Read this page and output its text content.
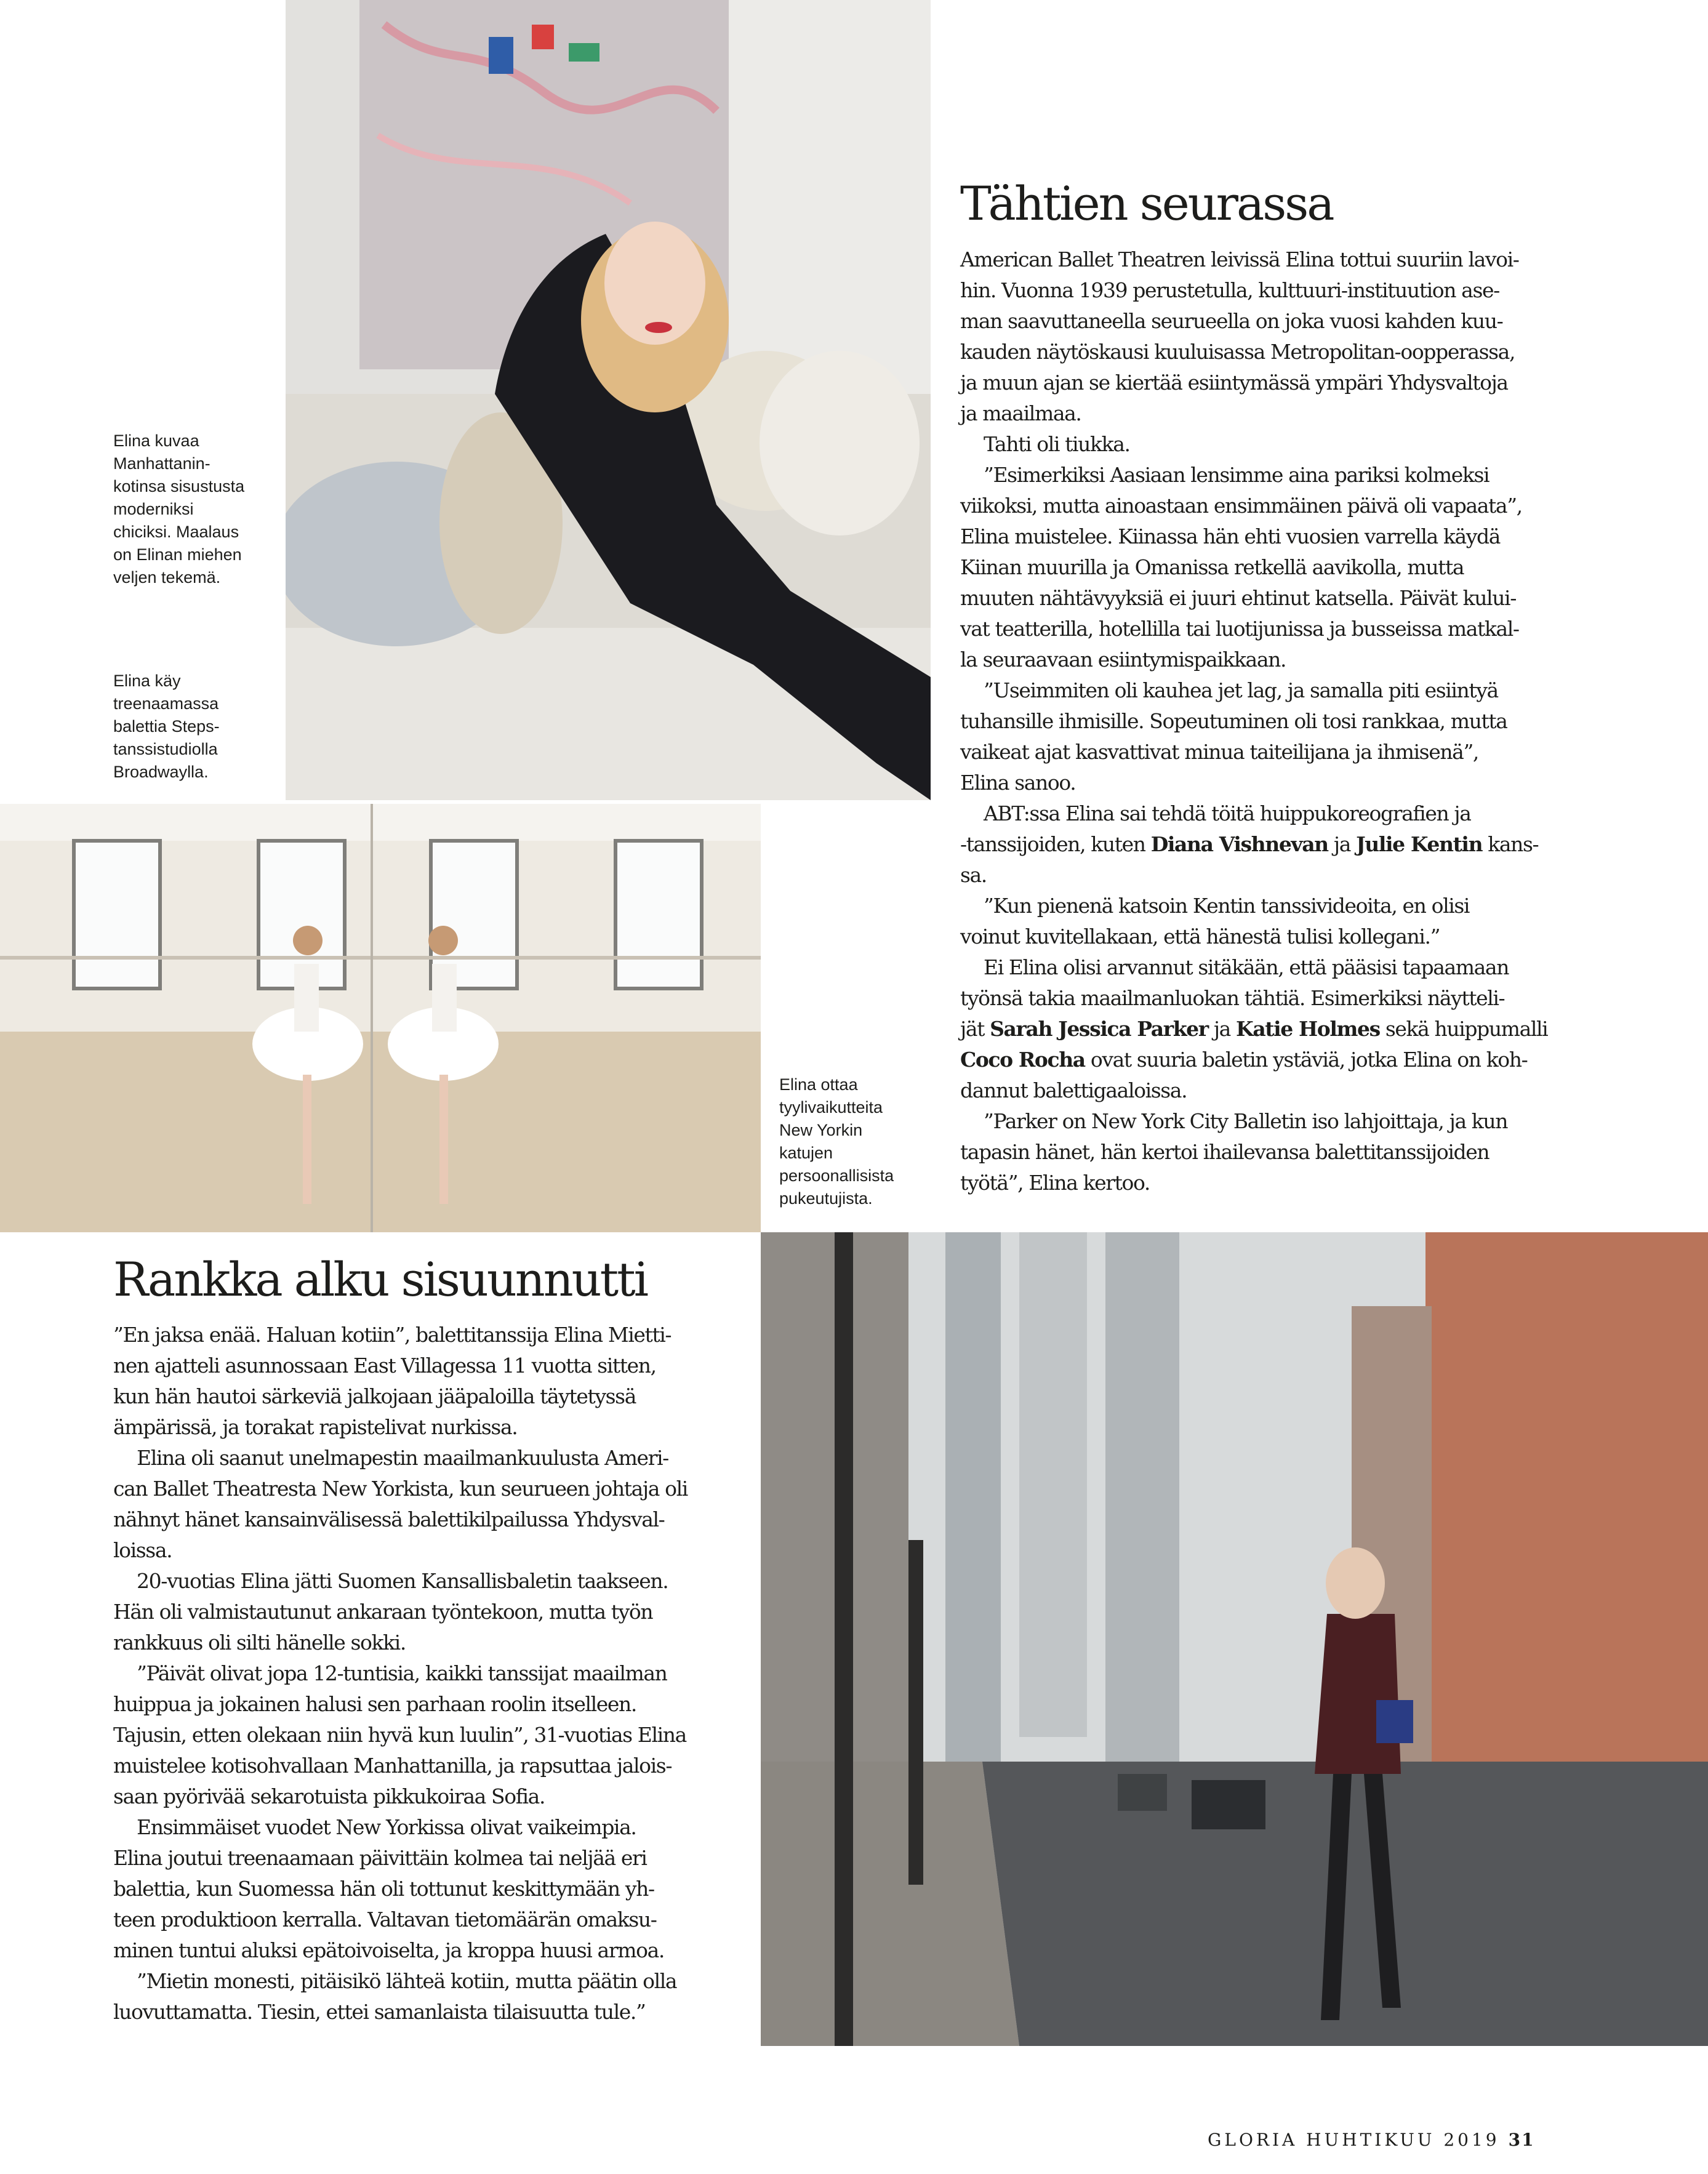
Elina kuvaa
Manhattanin-
kotinsa sisustusta
moderniksi
chiciksi. Maalaus
on Elinan miehen
veljen tekemä.

Elina käy
treenaamassa
balettia Steps-
tanssistudiolla
Broadwaylla.

Elina ottaa
tyylivaikutteita
New Yorkin
katujen
persoonallisista
pukeutujista.

Tähtien seurassa
American Ballet Theatren leivissä Elina tottui suuriin lavoi-
hin. Vuonna 1939 perustetulla, kulttuuri-instituution ase-
man saavuttaneella seurueella on joka vuosi kahden kuu-
kauden näytöskausi kuuluisassa Metropolitan-oopperassa,
ja muun ajan se kiertää esiintymässä ympäri Yhdysvaltoja
ja maailmaa.
Tahti oli tiukka.
”Esimerkiksi Aasiaan lensimme aina pariksi kolmeksi
viikoksi, mutta ainoastaan ensimmäinen päivä oli vapaata”,
Elina muistelee. Kiinassa hän ehti vuosien varrella käydä
Kiinan muurilla ja Omanissa retkellä aavikolla, mutta
muuten nähtävyyksiä ei juuri ehtinut katsella. Päivät kului-
vat teatterilla, hotellilla tai luotijunissa ja busseissa matkal-
la seuraavaan esiintymispaikkaan.
”Useimmiten oli kauhea jet lag, ja samalla piti esiintyä
tuhansille ihmisille. Sopeutuminen oli tosi rankkaa, mutta
vaikeat ajat kasvattivat minua taiteilijana ja ihmisenä”,
Elina sanoo.
ABT:ssa Elina sai tehdä töitä huippukoreografien ja
-tanssijoiden, kuten Diana Vishnevan ja Julie Kentin kans-
sa.
”Kun pienenä katsoin Kentin tanssivideoita, en olisi
voinut kuvitellakaan, että hänestä tulisi kollegani.”
Ei Elina olisi arvannut sitäkään, että pääsisi tapaamaan
työnsä takia maailmanluokan tähtiä. Esimerkiksi näytteli-
jät Sarah Jessica Parker ja Katie Holmes sekä huippumalli
Coco Rocha ovat suuria baletin ystäviä, jotka Elina on koh-
dannut balettigaaloissa.
”Parker on New York City Balletin iso lahjoittaja, ja kun
tapasin hänet, hän kertoi ihailevansa balettitanssijoiden
työtä”, Elina kertoo.
Rankka alku sisuunnutti
”En jaksa enää. Haluan kotiin”, balettitanssija Elina Mietti-
nen ajatteli asunnossaan East Villagessa 11 vuotta sitten,
kun hän hautoi särkeviä jalkojaan jääpaloilla täytetyssä
ämpärissä, ja torakat rapistelivat nurkissa.
Elina oli saanut unelmapestin maailmankuulusta Ameri-
can Ballet Theatresta New Yorkista, kun seurueen johtaja oli
nähnyt hänet kansainvälisessä balettikilpailussa Yhdysval-
loissa.
20-vuotias Elina jätti Suomen Kansallisbaletin taakseen.
Hän oli valmistautunut ankaraan työntekoon, mutta työn
rankkuus oli silti hänelle sokki.
”Päivät olivat jopa 12-tuntisia, kaikki tanssijat maailman
huippua ja jokainen halusi sen parhaan roolin itselleen.
Tajusin, etten olekaan niin hyvä kun luulin”, 31-vuotias Elina
muistelee kotisohvallaan Manhattanilla, ja rapsuttaa jalois-
saan pyörivää sekarotuista pikkukoiraa Sofia.
Ensimmäiset vuodet New Yorkissa olivat vaikeimpia.
Elina joutui treenaamaan päivittäin kolmea tai neljää eri
balettia, kun Suomessa hän oli tottunut keskittymään yh-
teen produktioon kerralla. Valtavan tietomäärän omaksu-
minen tuntui aluksi epätoivoiselta, ja kroppa huusi armoa.
”Mietin monesti, pitäisikö lähteä kotiin, mutta päätin olla
luovuttamatta. Tiesin, ettei samanlaista tilaisuutta tule.”
GLORIA HUHTIKUU 2019 31
